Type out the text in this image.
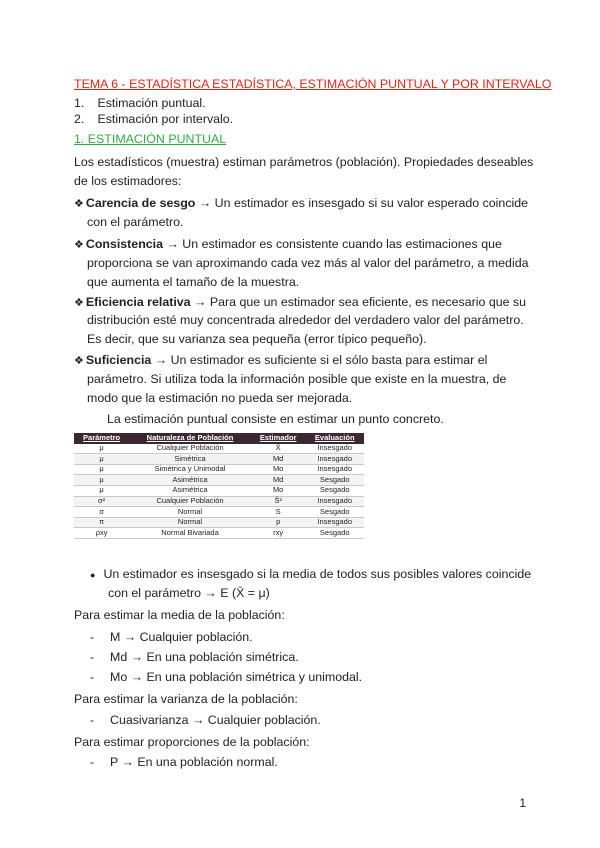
TEMA 6 - ESTADÍSTICA ESTADÍSTICA, ESTIMACIÓN PUNTUAL Y POR INTERVALO
1. Estimación puntual.
2. Estimación por intervalo.
1. ESTIMACIÓN PUNTUAL
Los estadísticos (muestra) estiman parámetros (población). Propiedades deseables
de los estimadores:
❖ Carencia de sesgo → Un estimador es insesgado si su valor esperado coincide
con el parámetro.
❖ Consistencia → Un estimador es consistente cuando las estimaciones que
proporciona se van aproximando cada vez más al valor del parámetro, a medida
que aumenta el tamaño de la muestra.
❖ Eficiencia relativa → Para que un estimador sea eficiente, es necesario que su
distribución esté muy concentrada alrededor del verdadero valor del parámetro.
Es decir, que su varianza sea pequeña (error típico pequeño).
❖ Suficiencia → Un estimador es suficiente si el sólo basta para estimar el
parámetro. Si utiliza toda la información posible que existe en la muestra, de
modo que la estimación no pueda ser mejorada.
La estimación puntual consiste en estimar un punto concreto.
Parámetro	Naturaleza de Población	Estimador	Evaluación
μ	Cualquier Población	X̄	Insesgado
μ	Simétrica	Md	Insesgado
μ	Simétrica y Unimodal	Mo	Insesgado
μ	Asimétrica	Md	Sesgado
μ	Asimétrica	Mo	Sesgado
σ²	Cualquier Población	Ŝ²	Insesgado
σ	Normal	S	Sesgado
π	Normal	p	Insesgado
ρxy	Normal Bivariada	rxy	Sesgado
● Un estimador es insesgado si la media de todos sus posibles valores coincide
con el parámetro → E (X̄ = μ)
Para estimar la media de la población:
- M → Cualquier población.
- Md → En una población simétrica.
- Mo → En una población simétrica y unimodal.
Para estimar la varianza de la población:
- Cuasivarianza → Cualquier población.
Para estimar proporciones de la población:
- P → En una población normal.
1
